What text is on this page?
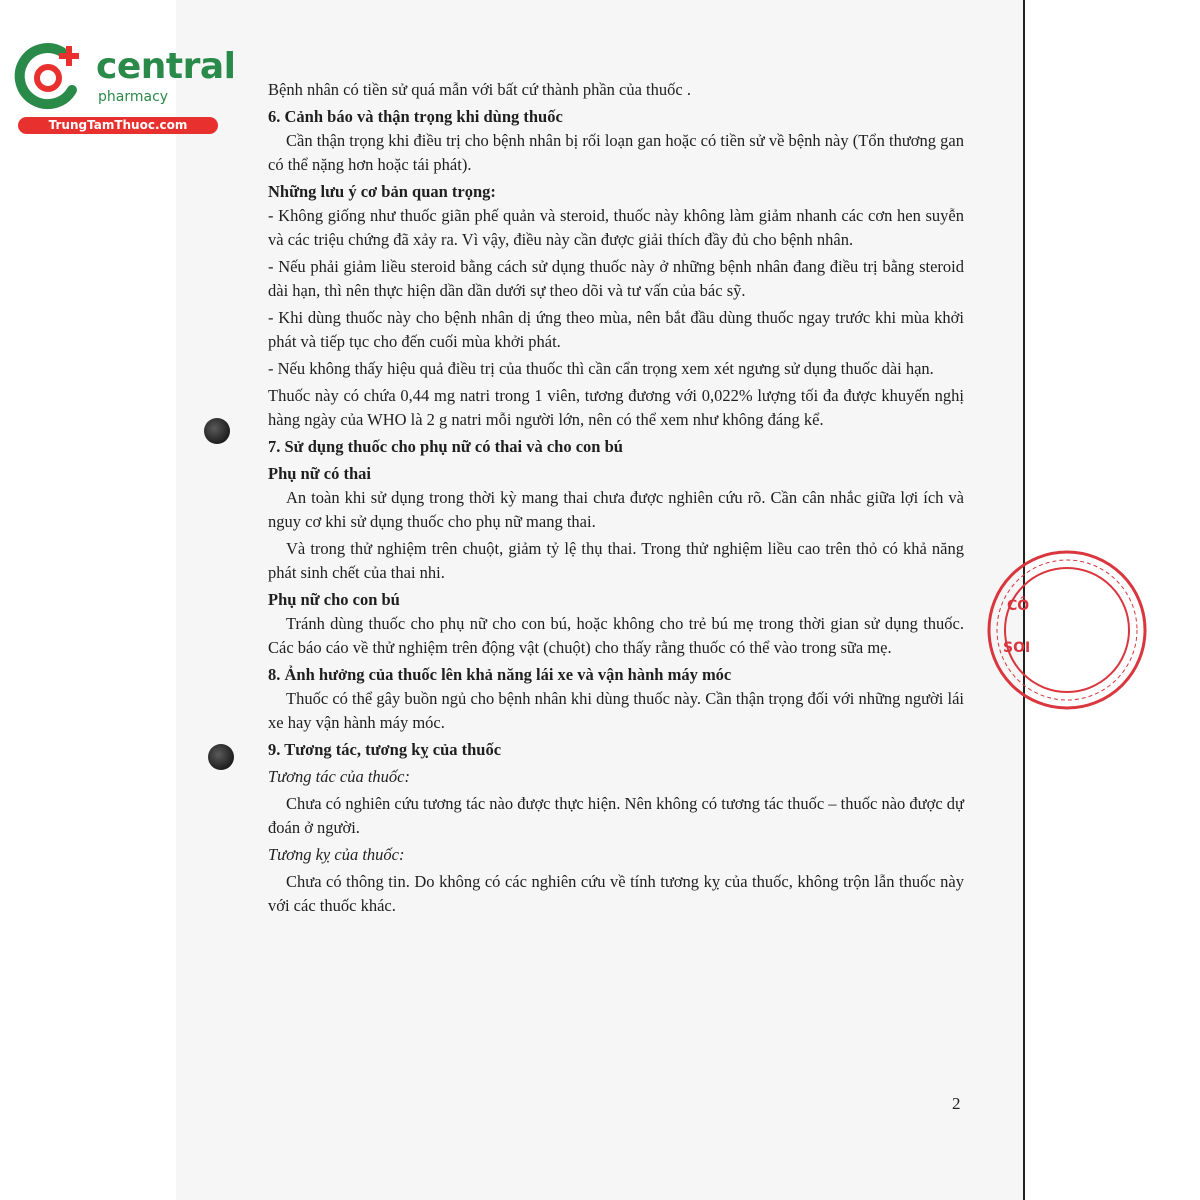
central
pharmacy
TrungTamThuoc.com
CÔ
SOI

Bệnh nhân có tiền sử quá mẫn với bất cứ thành phần của thuốc .

6. Cảnh báo và thận trọng khi dùng thuốc

Cần thận trọng khi điều trị cho bệnh nhân bị rối loạn gan hoặc có tiền sử về bệnh này (Tổn thương gan có thể nặng hơn hoặc tái phát).

Những lưu ý cơ bản quan trọng:

- Không giống như thuốc giãn phế quản và steroid, thuốc này không làm giảm nhanh các cơn hen suyễn và các triệu chứng đã xảy ra. Vì vậy, điều này cần được giải thích đầy đủ cho bệnh nhân.

- Nếu phải giảm liều steroid bằng cách sử dụng thuốc này ở những bệnh nhân đang điều trị bằng steroid dài hạn, thì nên thực hiện dần dần dưới sự theo dõi và tư vấn của bác sỹ.

- Khi dùng thuốc này cho bệnh nhân dị ứng theo mùa, nên bắt đầu dùng thuốc ngay trước khi mùa khởi phát và tiếp tục cho đến cuối mùa khởi phát.

- Nếu không thấy hiệu quả điều trị của thuốc thì cần cẩn trọng xem xét ngưng sử dụng thuốc dài hạn.

Thuốc này có chứa 0,44 mg natri trong 1 viên, tương đương với 0,022% lượng tối đa được khuyến nghị hàng ngày của WHO là 2 g natri mỗi người lớn, nên có thể xem như không đáng kể.

7. Sử dụng thuốc cho phụ nữ có thai và cho con bú

Phụ nữ có thai

An toàn khi sử dụng trong thời kỳ mang thai chưa được nghiên cứu rõ. Cần cân nhắc giữa lợi ích và nguy cơ khi sử dụng thuốc cho phụ nữ mang thai.

Và trong thử nghiệm trên chuột, giảm tỷ lệ thụ thai. Trong thử nghiệm liều cao trên thỏ có khả năng phát sinh chết của thai nhi.

Phụ nữ cho con bú

Tránh dùng thuốc cho phụ nữ cho con bú, hoặc không cho trẻ bú mẹ trong thời gian sử dụng thuốc. Các báo cáo về thử nghiệm trên động vật (chuột) cho thấy rằng thuốc có thể vào trong sữa mẹ.

8. Ảnh hưởng của thuốc lên khả năng lái xe và vận hành máy móc

Thuốc có thể gây buồn ngủ cho bệnh nhân khi dùng thuốc này. Cần thận trọng đối với những người lái xe hay vận hành máy móc.

9. Tương tác, tương kỵ của thuốc

Tương tác của thuốc:

Chưa có nghiên cứu tương tác nào được thực hiện. Nên không có tương tác thuốc – thuốc nào được dự đoán ở người.

Tương kỵ của thuốc:

Chưa có thông tin. Do không có các nghiên cứu về tính tương kỵ của thuốc, không trộn lẫn thuốc này với các thuốc khác.

2
